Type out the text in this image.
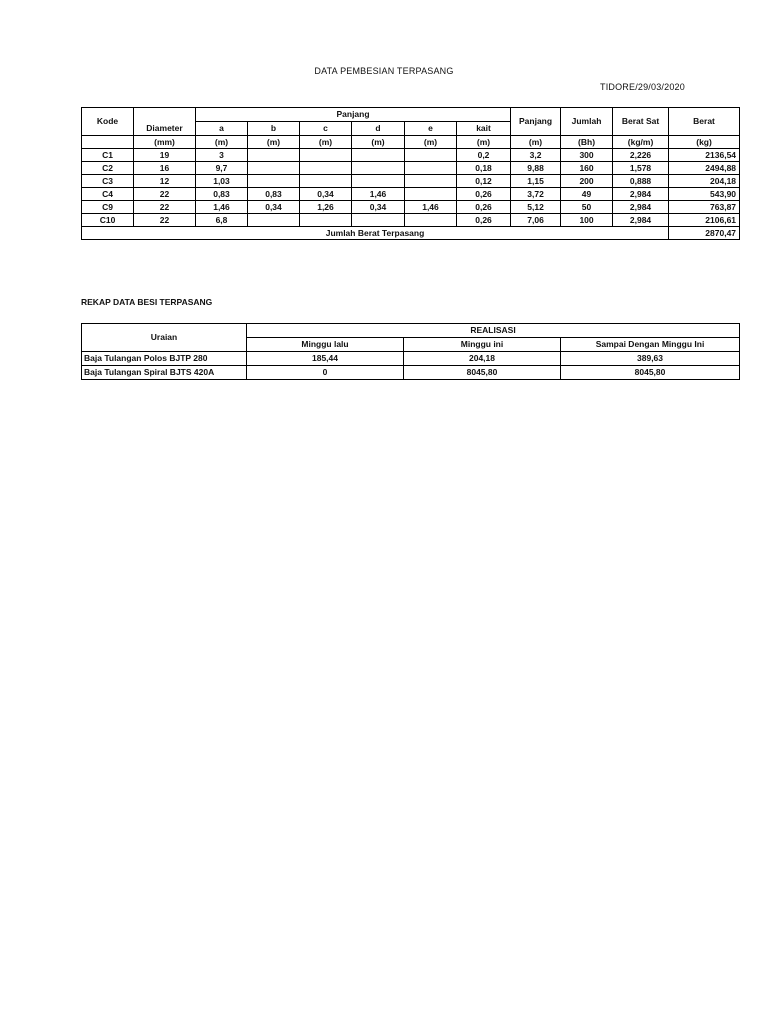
DATA PEMBESIAN TERPASANG
TIDORE/29/03/2020
Kode	Diameter	Panjang						Panjang	Jumlah	Berat Sat	Berat
		a	b	c	d	e	kait				
	(mm)	(m)	(m)	(m)	(m)	(m)	(m)	(m)	(Bh)	(kg/m)	(kg)
C1	19	3					0,2	3,2	300	2,226	2136,54
C2	16	9,7					0,18	9,88	160	1,578	2494,88
C3	12	1,03					0,12	1,15	200	0,888	204,18
C4	22	0,83	0,83	0,34	1,46		0,26	3,72	49	2,984	543,90
C9	22	1,46	0,34	1,26	0,34	1,46	0,26	5,12	50	2,984	763,87
C10	22	6,8					0,26	7,06	100	2,984	2106,61
Jumlah Berat Terpasang											2870,47
REKAP DATA BESI TERPASANG
Uraian	REALISASI		
	Minggu lalu	Minggu ini	Sampai Dengan Minggu Ini
Baja Tulangan Polos BJTP 280	185,44	204,18	389,63
Baja Tulangan Spiral BJTS 420A	0	8045,80	8045,80
